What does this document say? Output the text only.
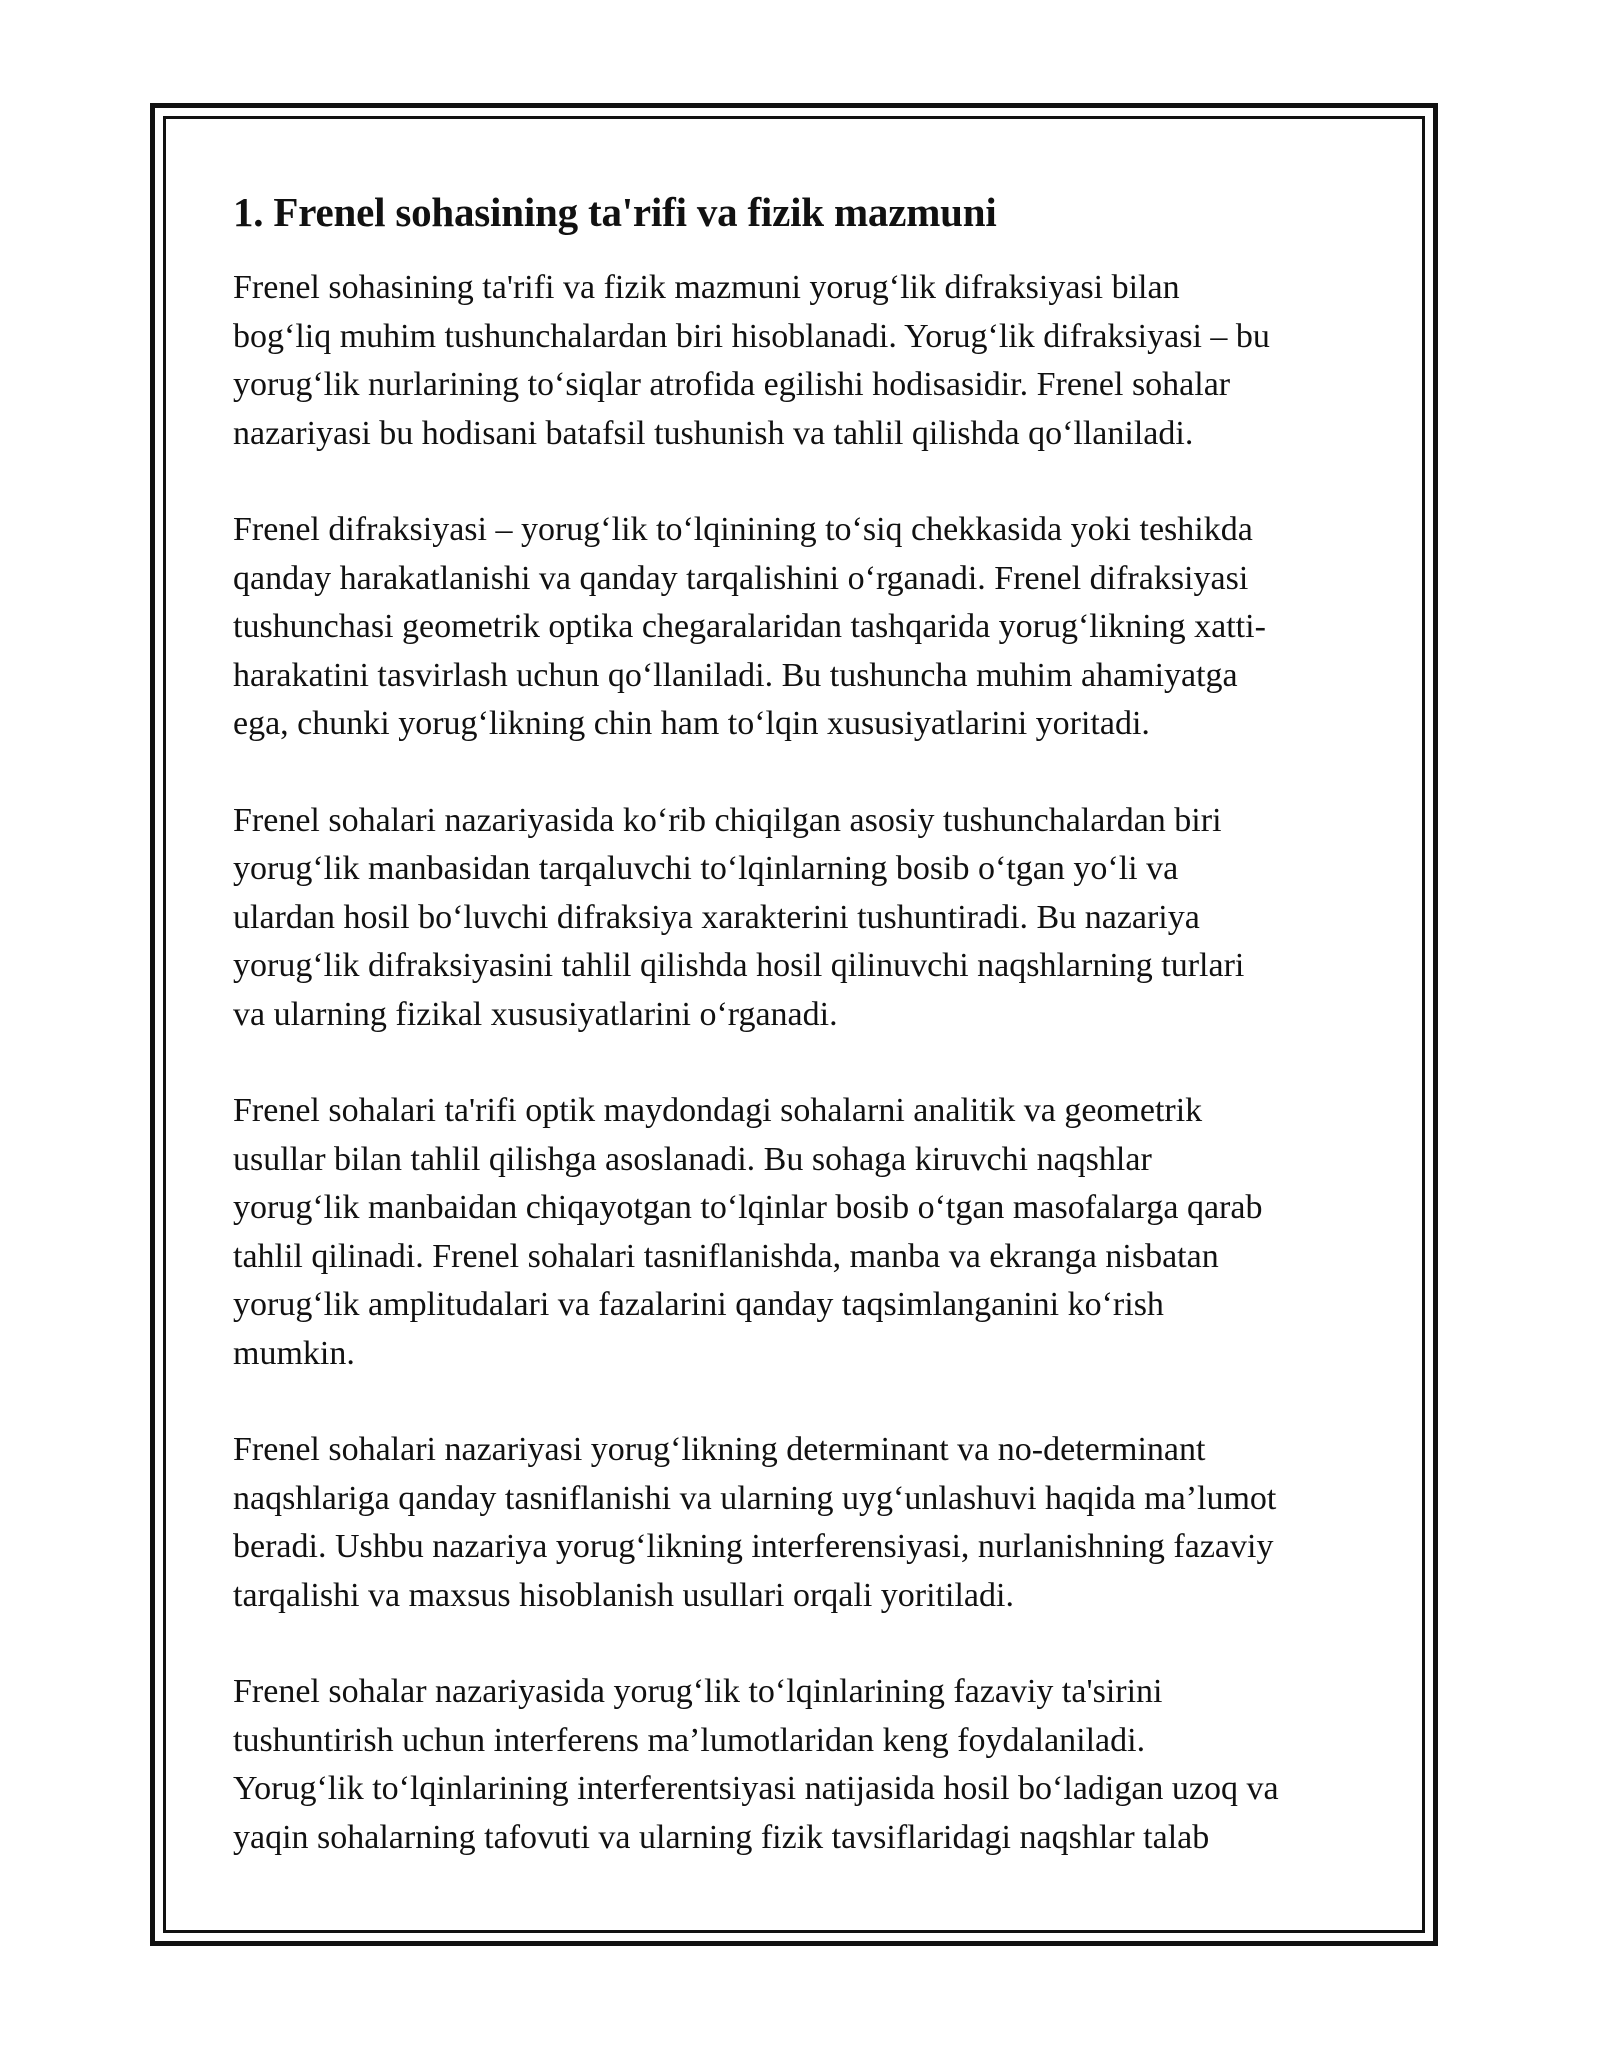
1. Frenel sohasining ta'rifi va fizik mazmuni
Frenel sohasining ta'rifi va fizik mazmuni yorug‘lik difraksiyasi bilan
bog‘liq muhim tushunchalardan biri hisoblanadi. Yorug‘lik difraksiyasi – bu
yorug‘lik nurlarining to‘siqlar atrofida egilishi hodisasidir. Frenel sohalar
nazariyasi bu hodisani batafsil tushunish va tahlil qilishda qo‘llaniladi.
Frenel difraksiyasi – yorug‘lik to‘lqinining to‘siq chekkasida yoki teshikda
qanday harakatlanishi va qanday tarqalishini o‘rganadi. Frenel difraksiyasi
tushunchasi geometrik optika chegaralaridan tashqarida yorug‘likning xatti-
harakatini tasvirlash uchun qo‘llaniladi. Bu tushuncha muhim ahamiyatga
ega, chunki yorug‘likning chin ham to‘lqin xususiyatlarini yoritadi.
Frenel sohalari nazariyasida ko‘rib chiqilgan asosiy tushunchalardan biri
yorug‘lik manbasidan tarqaluvchi to‘lqinlarning bosib o‘tgan yo‘li va
ulardan hosil bo‘luvchi difraksiya xarakterini tushuntiradi. Bu nazariya
yorug‘lik difraksiyasini tahlil qilishda hosil qilinuvchi naqshlarning turlari
va ularning fizikal xususiyatlarini o‘rganadi.
Frenel sohalari ta'rifi optik maydondagi sohalarni analitik va geometrik
usullar bilan tahlil qilishga asoslanadi. Bu sohaga kiruvchi naqshlar
yorug‘lik manbaidan chiqayotgan to‘lqinlar bosib o‘tgan masofalarga qarab
tahlil qilinadi. Frenel sohalari tasniflanishda, manba va ekranga nisbatan
yorug‘lik amplitudalari va fazalarini qanday taqsimlanganini ko‘rish
mumkin.
Frenel sohalari nazariyasi yorug‘likning determinant va no-determinant
naqshlariga qanday tasniflanishi va ularning uyg‘unlashuvi haqida ma’lumot
beradi. Ushbu nazariya yorug‘likning interferensiyasi, nurlanishning fazaviy
tarqalishi va maxsus hisoblanish usullari orqali yoritiladi.
Frenel sohalar nazariyasida yorug‘lik to‘lqinlarining fazaviy ta'sirini
tushuntirish uchun interferens ma’lumotlaridan keng foydalaniladi.
Yorug‘lik to‘lqinlarining interferentsiyasi natijasida hosil bo‘ladigan uzoq va
yaqin sohalarning tafovuti va ularning fizik tavsiflaridagi naqshlar talab
